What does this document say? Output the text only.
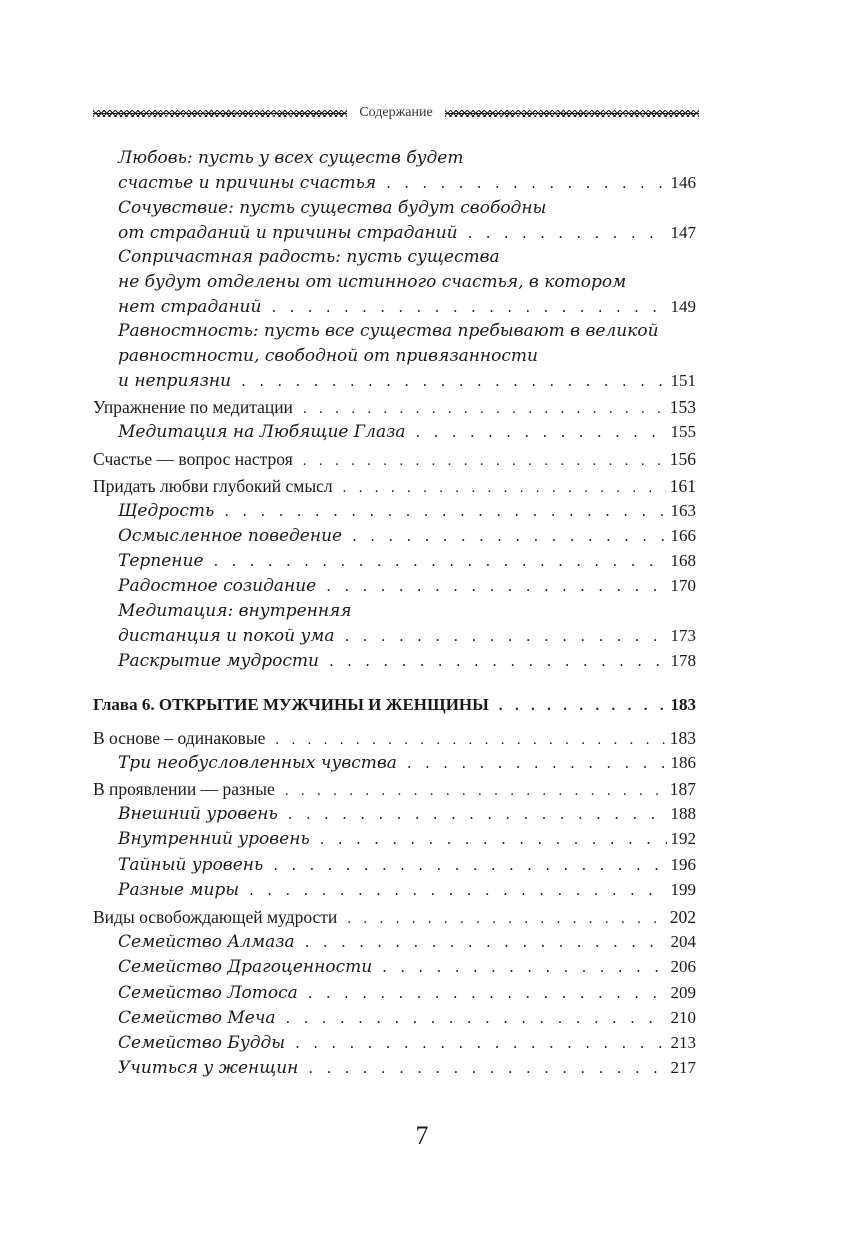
Содержание
Любовь: пусть у всех существ будет
счастье и причины счастья . . .	146
Сочувствие: пусть существа будут свободны
от страданий и причины страданий . . .	147
Сопричастная радость: пусть существа
не будут отделены от истинного счастья, в котором
нет страданий . . .	149
Равностность: пусть все существа пребывают в великой
равностности, свободной от привязанности
и неприязни . . .	151
Упражнение по медитации . . .	153
Медитация на Любящие Глаза . . .	155
Счастье — вопрос настроя . . .	156
Придать любви глубокий смысл . . .	161
Щедрость . . .	163
Осмысленное поведение . . .	166
Терпение . . .	168
Радостное созидание . . .	170
Медитация: внутренняя
дистанция и покой ума . . .	173
Раскрытие мудрости . . .	178
Глава 6. ОТКРЫТИЕ МУЖЧИНЫ И ЖЕНЩИНЫ . . .	183
В основе – одинаковые . . .	183
Три необусловленных чувства . . .	186
В проявлении — разные . . .	187
Внешний уровень . . .	188
Внутренний уровень . . .	192
Тайный уровень . . .	196
Разные миры . . .	199
Виды освобождающей мудрости . . .	202
Семейство Алмаза . . .	204
Семейство Драгоценности . . .	206
Семейство Лотоса . . .	209
Семейство Меча . . .	210
Семейство Будды . . .	213
Учиться у женщин . . .	217
7
